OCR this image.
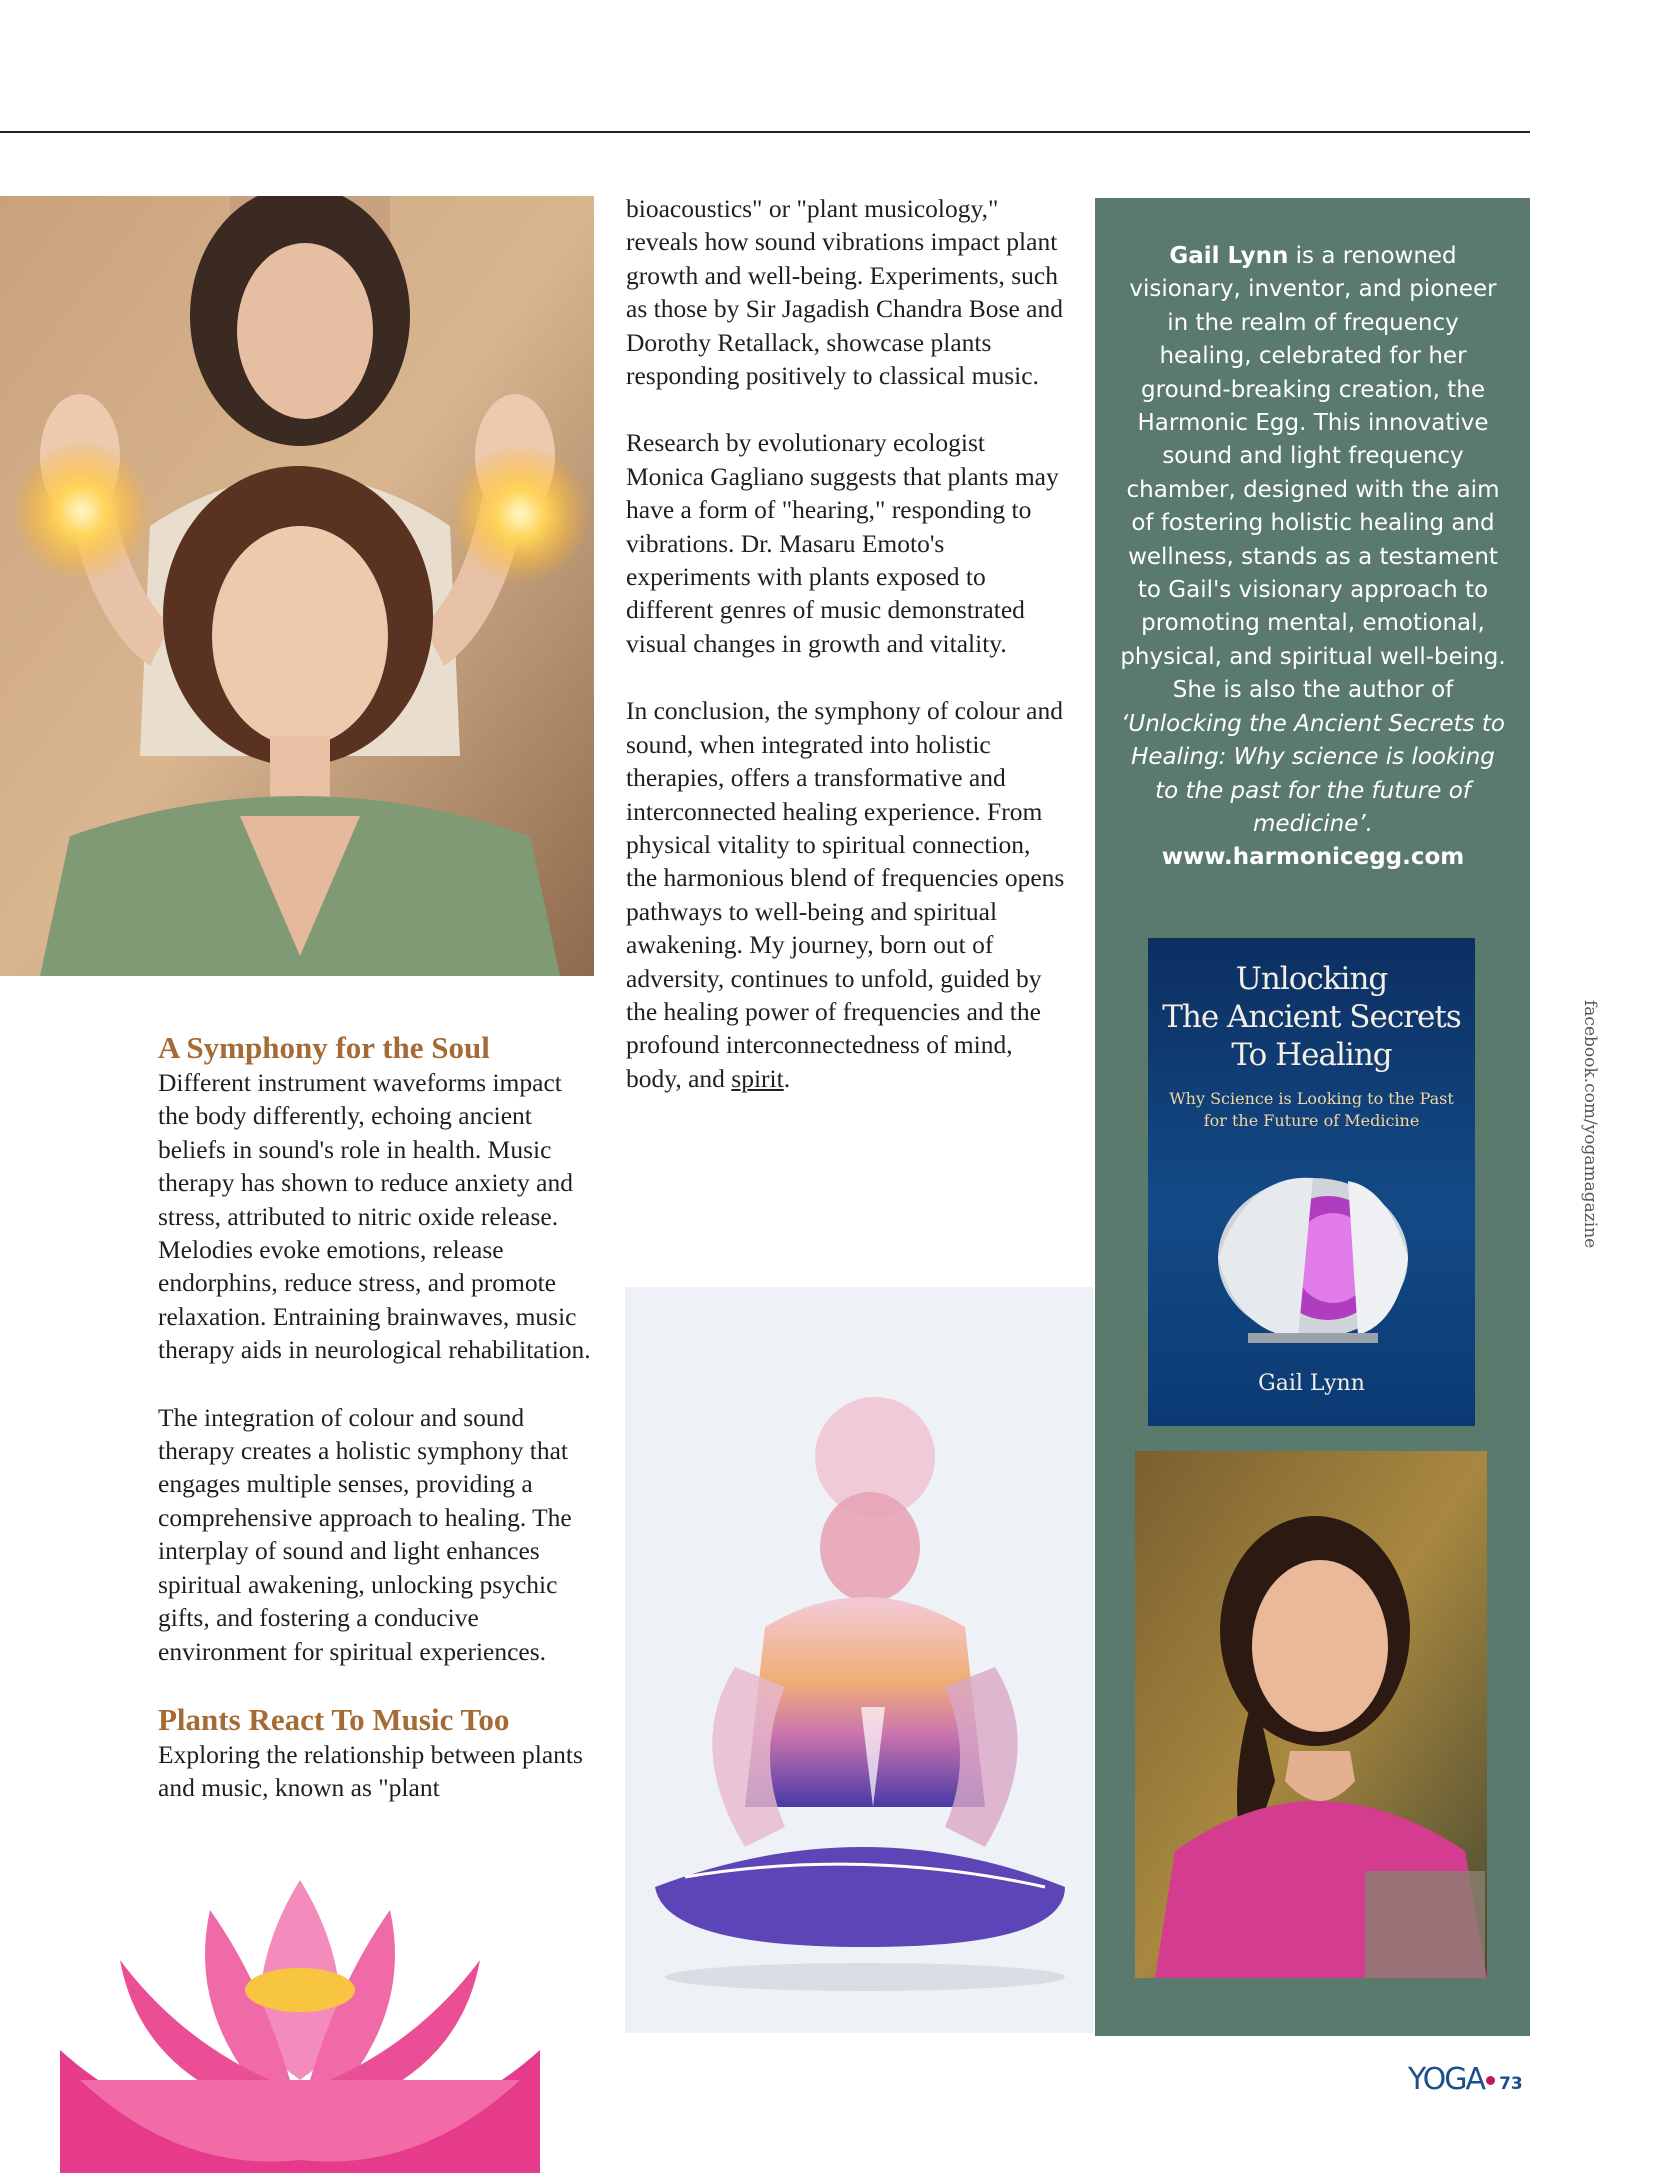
A Symphony for the Soul

Different instrument waveforms impact the body differently, echoing ancient beliefs in sound's role in health. Music therapy has shown to reduce anxiety and stress, attributed to nitric oxide release. Melodies evoke emotions, release endorphins, reduce stress, and promote relaxation. Entraining brainwaves, music therapy aids in neurological rehabilitation.

The integration of colour and sound therapy creates a holistic symphony that engages multiple senses, providing a comprehensive approach to healing. The interplay of sound and light enhances spiritual awakening, unlocking psychic gifts, and fostering a conducive environment for spiritual experiences.

Plants React To Music Too

Exploring the relationship between plants and music, known as "plant

bioacoustics" or "plant musicology," reveals how sound vibrations impact plant growth and well-being. Experiments, such as those by Sir Jagadish Chandra Bose and Dorothy Retallack, showcase plants responding positively to classical music.

Research by evolutionary ecologist Monica Gagliano suggests that plants may have a form of "hearing," responding to vibrations. Dr. Masaru Emoto's experiments with plants exposed to different genres of music demonstrated visual changes in growth and vitality.

In conclusion, the symphony of colour and sound, when integrated into holistic therapies, offers a transformative and interconnected healing experience. From physical vitality to spiritual connection, the harmonious blend of frequencies opens pathways to well-being and spiritual awakening. My journey, born out of adversity, continues to unfold, guided by the healing power of frequencies and the profound interconnectedness of mind, body, and spirit.

Gail Lynn is a renowned visionary, inventor, and pioneer in the realm of frequency healing, celebrated for her ground-breaking creation, the Harmonic Egg. This innovative sound and light frequency chamber, designed with the aim of fostering holistic healing and wellness, stands as a testament to Gail's visionary approach to promoting mental, emotional, physical, and spiritual well-being. She is also the author of ‘Unlocking the Ancient Secrets to Healing: Why science is looking to the past for the future of medicine’.
www.harmonicegg.com
Unlocking
The Ancient Secrets
To Healing
Why Science is Looking to the Past
for the Future of Medicine
Gail Lynn
facebook.com/yogamagazine
YOGA 73
